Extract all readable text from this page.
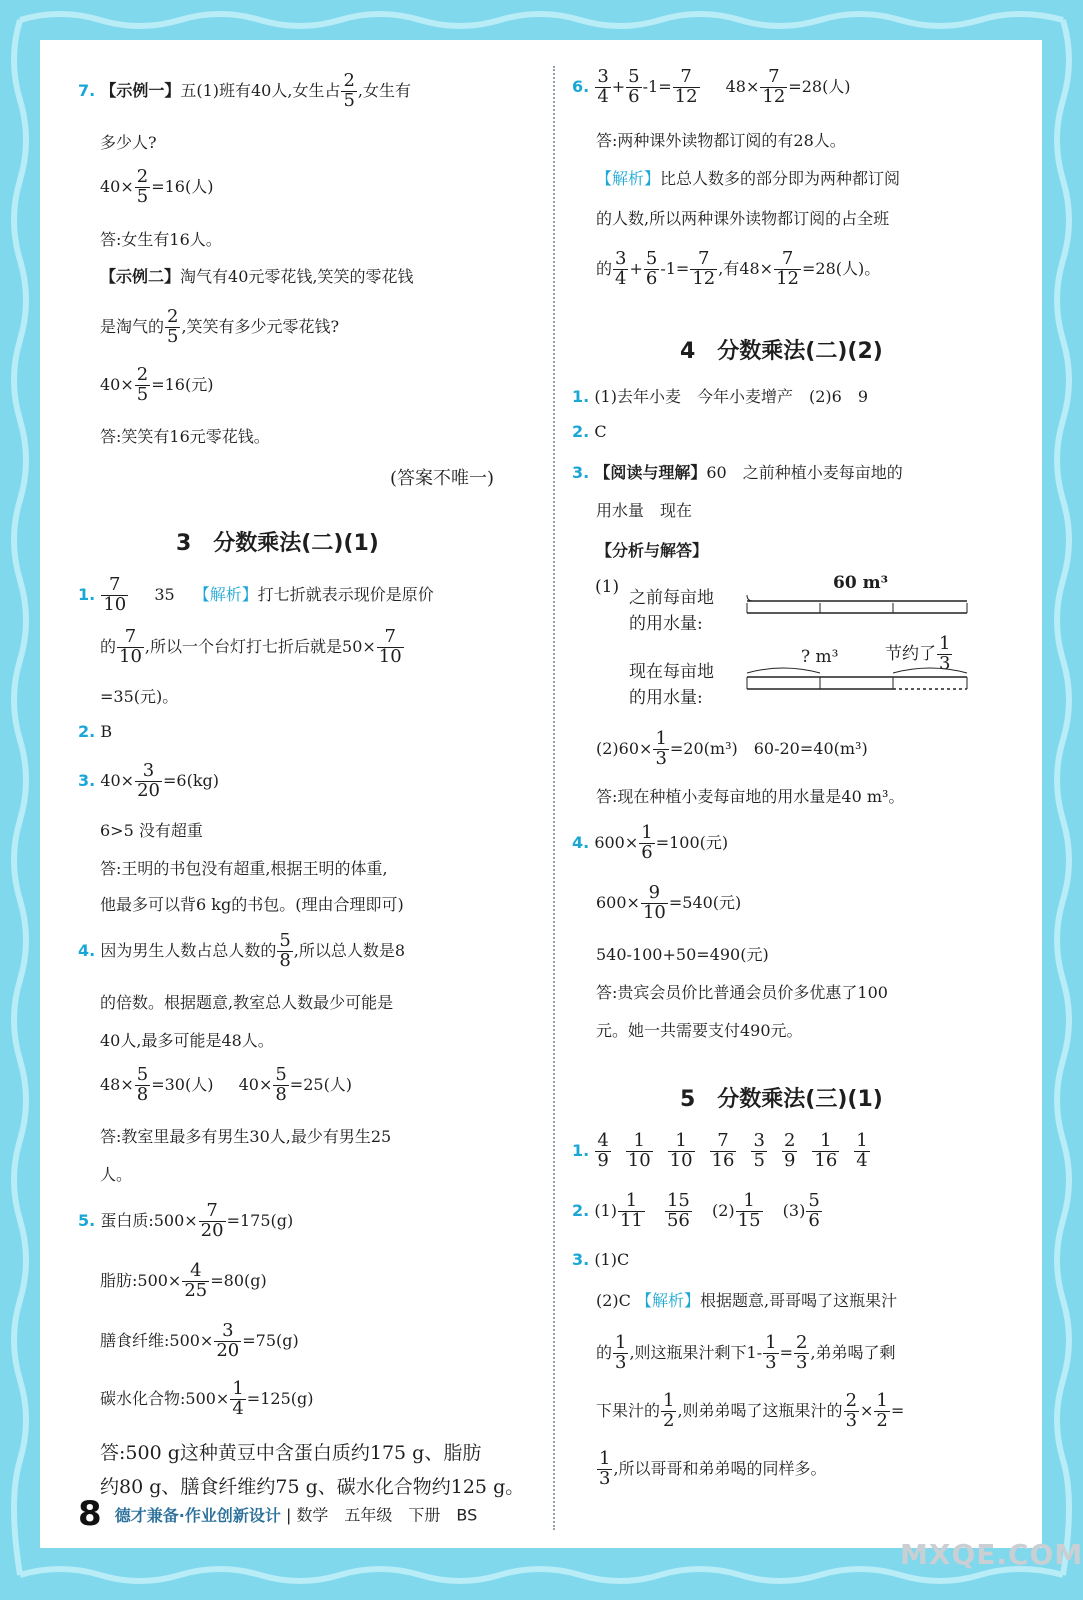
7. 【示例一】五(1)班有40人,女生占 $\frac{2}{5}$ ,女生有
多少人?
$40\times \frac{2}{5} =16$(人)
答:女生有16人。
【示例二】淘气有40元零花钱,笑笑的零花钱
是淘气的 $\frac{2}{5}$ ,笑笑有多少元零花钱?
$40\times \frac{2}{5} =16$(元)
答:笑笑有16元零花钱。
(答案不唯一)
3　分数乘法(二)(1)
1. $\frac{7}{10} 35$ 【解析】打七折就表示现价是原价
的 $\frac{7}{10}$ ,所以一个台灯打七折后就是$50\times \frac{7}{10}$
=35(元)。
2. B
3. $40\times \frac{3}{20} =6(kg)$
6>5 没有超重
答:王明的书包没有超重,根据王明的体重,
他最多可以背6 kg的书包。(理由合理即可)
4. 因为男生人数占总人数的 $\frac{5}{8}$ ,所以总人数是8
的倍数。根据题意,教室总人数最少可能是
40人,最多可能是48人。
$48\times \frac{5}{8} =30$(人) $40\times \frac{5}{8} =25$(人)
答:教室里最多有男生30人,最少有男生25
人。
5. 蛋白质:500× $\frac{7}{20} =175(g)$
脂肪:500× $\frac{4}{25} =80(g)$
膳食纤维:500× $\frac{3}{20} =75(g)$
碳水化合物:500× $\frac{1}{4} =125(g)$
答:500 g这种黄豆中含蛋白质约175 g、脂肪
约80 g、膳食纤维约75 g、碳水化合物约125 g。
6. $\frac{3}{4} + \frac{5}{6} -1= \frac{7}{12} 48\times \frac{7}{12} =28$(人)
答:两种课外读物都订阅的有28人。
【解析】比总人数多的部分即为两种都订阅
的人数,所以两种课外读物都订阅的占全班
的 $\frac{3}{4} + \frac{5}{6} -1= \frac{7}{12}$ ,有$48\times \frac{7}{12} =28$(人)。
4　分数乘法(二)(2)
1. (1)去年小麦　今年小麦增产　(2)6　9
2. C
3. 【阅读与理解】60　之前种植小麦每亩地的
用水量　现在
【分析与解答】
(1)
之前每亩地
的用水量:
60 m³
现在每亩地
的用水量:
? m³	节约了 $\frac{1}{3}$
$(2)60\times \frac{1}{3} =20(m^3)$　60-20=40(m³)
答:现在种植小麦每亩地的用水量是40 m³。
4. $600\times \frac{1}{6} =100$(元)
$600\times \frac{9}{10} =540$(元)
540-100+50=490(元)
答:贵宾会员价比普通会员价多优惠了100
元。她一共需要支付490元。
5　分数乘法(三)(1)
1. $\frac{4}{9} \frac{1}{10} \frac{1}{10} \frac{7}{16} \frac{3}{5} \frac{2}{9} \frac{1}{16} \frac{1}{4}$
2. $(1) \frac{1}{11}$
$\frac{15}{56} (2) \frac{1}{15} (3) \frac{5}{6}$
3. (1)C
(2)C 【解析】根据题意,哥哥喝了这瓶果汁
的 $\frac{1}{3}$ ,则这瓶果汁剩下$1- \frac{1}{3} = \frac{2}{3}$ ,弟弟喝了剩
下果汁的 $\frac{1}{2}$ ,则弟弟喝了这瓶果汁的 $\frac{2}{3} \times \frac{1}{2}$ =
$\frac{1}{3}$ ,所以哥哥和弟弟喝的同样多。
8 德才兼备·作业创新设计 | 数学　五年级　下册　BS
MXQE.COM
